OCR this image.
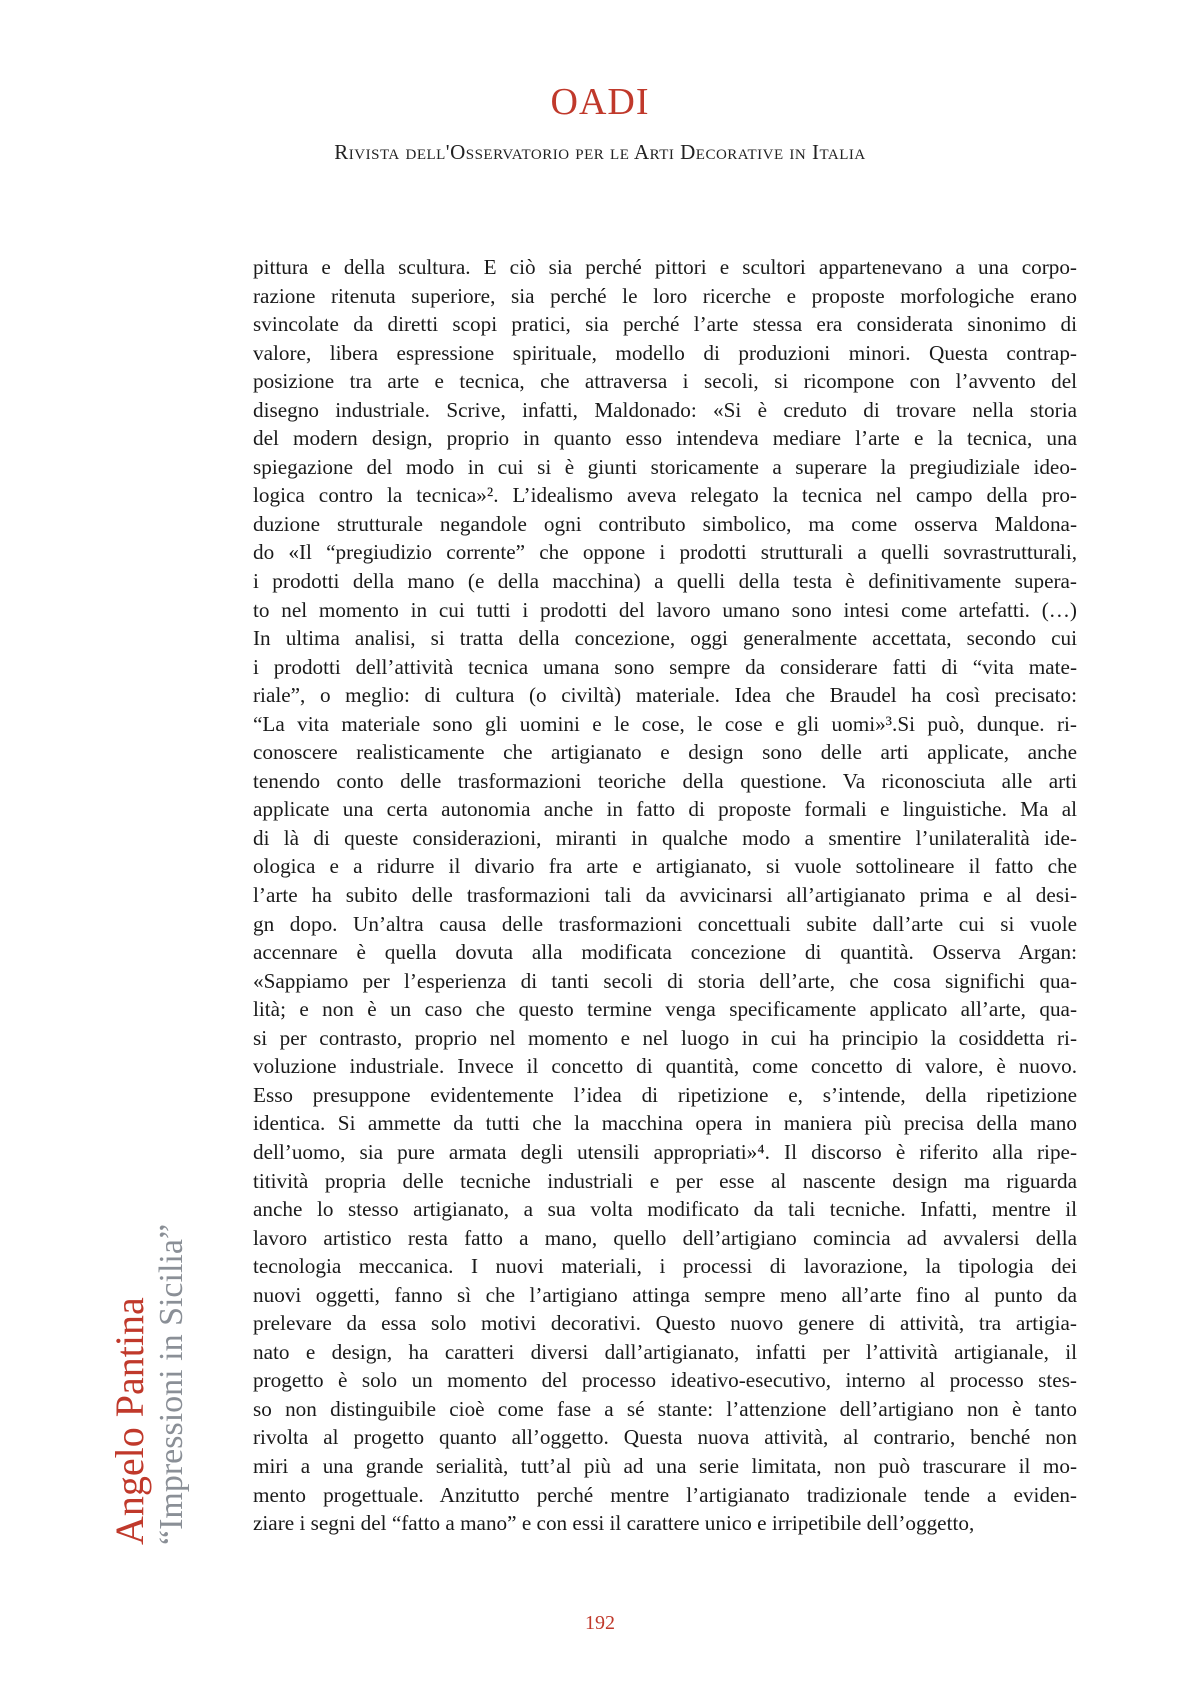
OADI
Rivista dell'Osservatorio per le Arti Decorative in Italia
pittura e della scultura. E ciò sia perché pittori e scultori appartenevano a una corpo-
razione ritenuta superiore, sia perché le loro ricerche e proposte morfologiche erano
svincolate da diretti scopi pratici, sia perché l’arte stessa era considerata sinonimo di
valore, libera espressione spirituale, modello di produzioni minori. Questa contrap-
posizione tra arte e tecnica, che attraversa i secoli, si ricompone con l’avvento del
disegno industriale. Scrive, infatti, Maldonado: «Si è creduto di trovare nella storia
del modern design, proprio in quanto esso intendeva mediare l’arte e la tecnica, una
spiegazione del modo in cui si è giunti storicamente a superare la pregiudiziale ideo-
logica contro la tecnica»². L’idealismo aveva relegato la tecnica nel campo della pro-
duzione strutturale negandole ogni contributo simbolico, ma come osserva Maldona-
do «Il “pregiudizio corrente” che oppone i prodotti strutturali a quelli sovrastrutturali,
i prodotti della mano (e della macchina) a quelli della testa è definitivamente supera-
to nel momento in cui tutti i prodotti del lavoro umano sono intesi come artefatti. (…)
In ultima analisi, si tratta della concezione, oggi generalmente accettata, secondo cui
i prodotti dell’attività tecnica umana sono sempre da considerare fatti di “vita mate-
riale”, o meglio: di cultura (o civiltà) materiale. Idea che Braudel ha così precisato:
“La vita materiale sono gli uomini e le cose, le cose e gli uomi»³.Si può, dunque. ri-
conoscere realisticamente che artigianato e design sono delle arti applicate, anche
tenendo conto delle trasformazioni teoriche della questione. Va riconosciuta alle arti
applicate una certa autonomia anche in fatto di proposte formali e linguistiche. Ma al
di là di queste considerazioni, miranti in qualche modo a smentire l’unilateralità ide-
ologica e a ridurre il divario fra arte e artigianato, si vuole sottolineare il fatto che
l’arte ha subito delle trasformazioni tali da avvicinarsi all’artigianato prima e al desi-
gn dopo. Un’altra causa delle trasformazioni concettuali subite dall’arte cui si vuole
accennare è quella dovuta alla modificata concezione di quantità. Osserva Argan:
«Sappiamo per l’esperienza di tanti secoli di storia dell’arte, che cosa significhi qua-
lità; e non è un caso che questo termine venga specificamente applicato all’arte, qua-
si per contrasto, proprio nel momento e nel luogo in cui ha principio la cosiddetta ri-
voluzione industriale. Invece il concetto di quantità, come concetto di valore, è nuovo.
Esso presuppone evidentemente l’idea di ripetizione e, s’intende, della ripetizione
identica. Si ammette da tutti che la macchina opera in maniera più precisa della mano
dell’uomo, sia pure armata degli utensili appropriati»⁴. Il discorso è riferito alla ripe-
titività propria delle tecniche industriali e per esse al nascente design ma riguarda
anche lo stesso artigianato, a sua volta modificato da tali tecniche. Infatti, mentre il
lavoro artistico resta fatto a mano, quello dell’artigiano comincia ad avvalersi della
tecnologia meccanica. I nuovi materiali, i processi di lavorazione, la tipologia dei
nuovi oggetti, fanno sì che l’artigiano attinga sempre meno all’arte fino al punto da
prelevare da essa solo motivi decorativi. Questo nuovo genere di attività, tra artigia-
nato e design, ha caratteri diversi dall’artigianato, infatti per l’attività artigianale, il
progetto è solo un momento del processo ideativo-esecutivo, interno al processo stes-
so non distinguibile cioè come fase a sé stante: l’attenzione dell’artigiano non è tanto
rivolta al progetto quanto all’oggetto. Questa nuova attività, al contrario, benché non
miri a una grande serialità, tutt’al più ad una serie limitata, non può trascurare il mo-
mento progettuale. Anzitutto perché mentre l’artigianato tradizionale tende a eviden-
ziare i segni del “fatto a mano” e con essi il carattere unico e irripetibile dell’oggetto,
Angelo Pantina “Impressioni in Sicilia”
192
